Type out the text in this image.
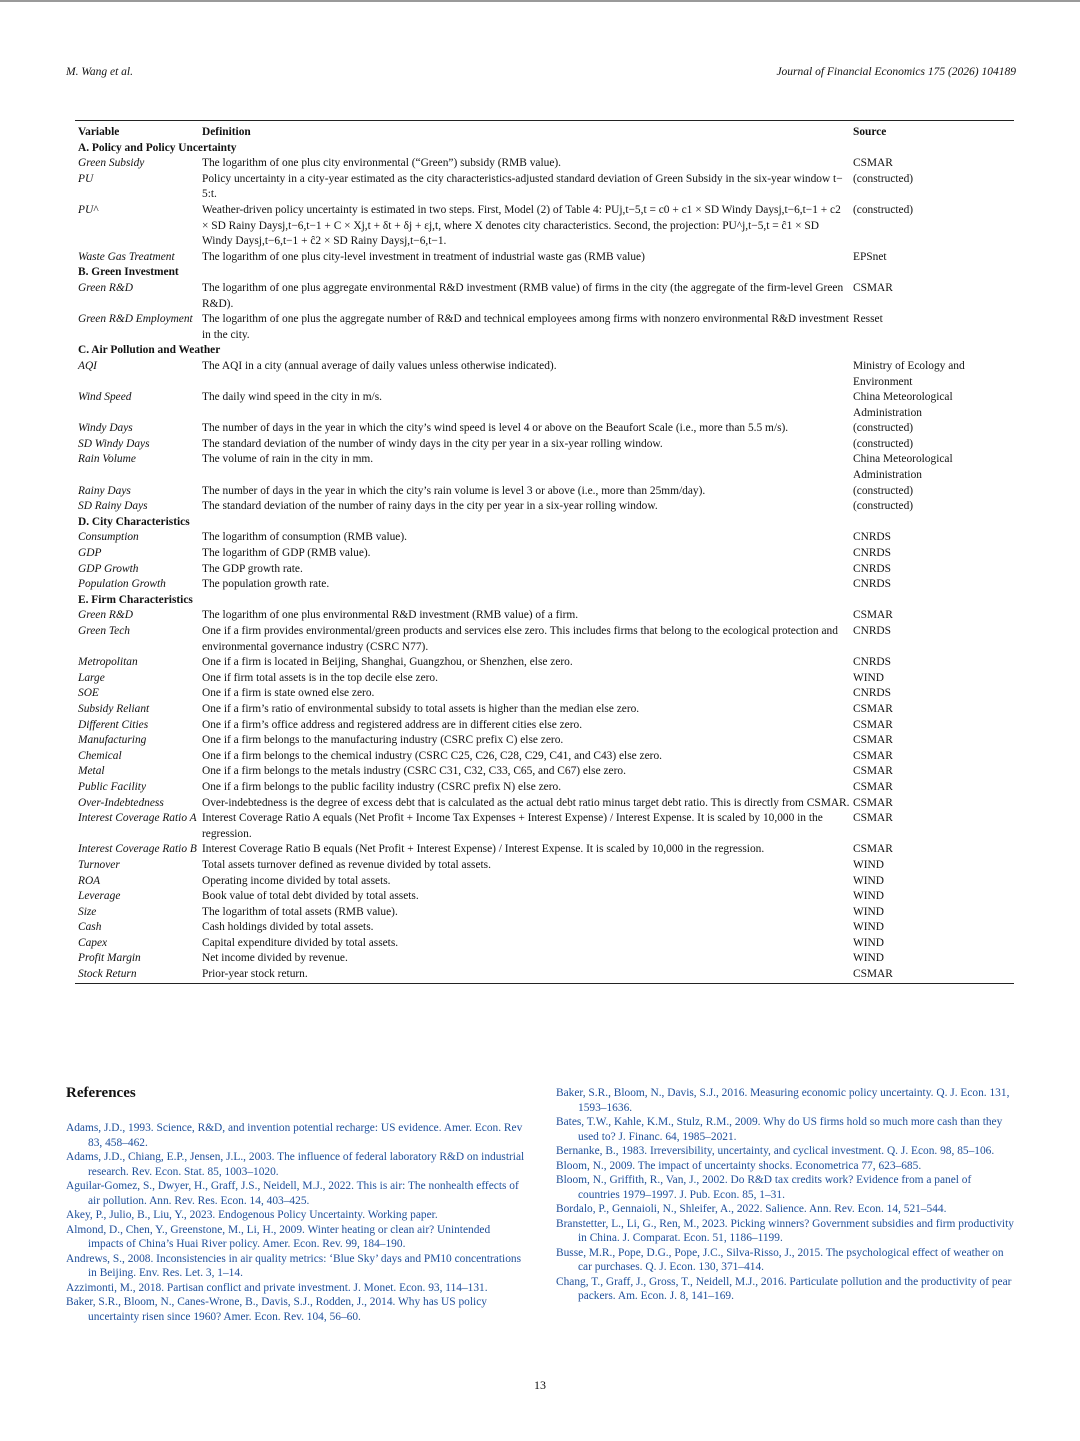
M. Wang et al.	Journal of Financial Economics 175 (2026) 104189
Variable	Definition	Source
A. Policy and Policy Uncertainty		
Green Subsidy	The logarithm of one plus city environmental (“Green”) subsidy (RMB value).	CSMAR
PU	Policy uncertainty in a city-year estimated as the city characteristics-adjusted standard deviation of Green Subsidy in the six-year window t− 5:t.	(constructed)
PU^	Weather-driven policy uncertainty is estimated in two steps. First, Model (2) of Table 4: PUj,t−5,t = c0 + c1 × SD Windy Daysj,t−6,t−1 + c2 × SD Rainy Daysj,t−6,t−1 + C × Xj,t + δt + δj + εj,t, where X denotes city characteristics. Second, the projection: PU^j,t−5,t = ĉ1 × SD Windy Daysj,t−6,t−1 + ĉ2 × SD Rainy Daysj,t−6,t−1.	(constructed)
Waste Gas Treatment	The logarithm of one plus city-level investment in treatment of industrial waste gas (RMB value)	EPSnet
B. Green Investment		
Green R&D	The logarithm of one plus aggregate environmental R&D investment (RMB value) of firms in the city (the aggregate of the firm-level Green R&D).	CSMAR
Green R&D Employment	The logarithm of one plus the aggregate number of R&D and technical employees among firms with nonzero environmental R&D investment in the city.	Resset
C. Air Pollution and Weather		
AQI	The AQI in a city (annual average of daily values unless otherwise indicated).	Ministry of Ecology and Environment
Wind Speed	The daily wind speed in the city in m/s.	China Meteorological Administration
Windy Days	The number of days in the year in which the city’s wind speed is level 4 or above on the Beaufort Scale (i.e., more than 5.5 m/s).	(constructed)
SD Windy Days	The standard deviation of the number of windy days in the city per year in a six-year rolling window.	(constructed)
Rain Volume	The volume of rain in the city in mm.	China Meteorological Administration
Rainy Days	The number of days in the year in which the city’s rain volume is level 3 or above (i.e., more than 25mm/day).	(constructed)
SD Rainy Days	The standard deviation of the number of rainy days in the city per year in a six-year rolling window.	(constructed)
D. City Characteristics		
Consumption	The logarithm of consumption (RMB value).	CNRDS
GDP	The logarithm of GDP (RMB value).	CNRDS
GDP Growth	The GDP growth rate.	CNRDS
Population Growth	The population growth rate.	CNRDS
E. Firm Characteristics		
Green R&D	The logarithm of one plus environmental R&D investment (RMB value) of a firm.	CSMAR
Green Tech	One if a firm provides environmental/green products and services else zero. This includes firms that belong to the ecological protection and environmental governance industry (CSRC N77).	CNRDS
Metropolitan	One if a firm is located in Beijing, Shanghai, Guangzhou, or Shenzhen, else zero.	CNRDS
Large	One if firm total assets is in the top decile else zero.	WIND
SOE	One if a firm is state owned else zero.	CNRDS
Subsidy Reliant	One if a firm’s ratio of environmental subsidy to total assets is higher than the median else zero.	CSMAR
Different Cities	One if a firm’s office address and registered address are in different cities else zero.	CSMAR
Manufacturing	One if a firm belongs to the manufacturing industry (CSRC prefix C) else zero.	CSMAR
Chemical	One if a firm belongs to the chemical industry (CSRC C25, C26, C28, C29, C41, and C43) else zero.	CSMAR
Metal	One if a firm belongs to the metals industry (CSRC C31, C32, C33, C65, and C67) else zero.	CSMAR
Public Facility	One if a firm belongs to the public facility industry (CSRC prefix N) else zero.	CSMAR
Over-Indebtedness	Over-indebtedness is the degree of excess debt that is calculated as the actual debt ratio minus target debt ratio. This is directly from CSMAR.	CSMAR
Interest Coverage Ratio A	Interest Coverage Ratio A equals (Net Profit + Income Tax Expenses + Interest Expense) / Interest Expense. It is scaled by 10,000 in the regression.	CSMAR
Interest Coverage Ratio B	Interest Coverage Ratio B equals (Net Profit + Interest Expense) / Interest Expense. It is scaled by 10,000 in the regression.	CSMAR
Turnover	Total assets turnover defined as revenue divided by total assets.	WIND
ROA	Operating income divided by total assets.	WIND
Leverage	Book value of total debt divided by total assets.	WIND
Size	The logarithm of total assets (RMB value).	WIND
Cash	Cash holdings divided by total assets.	WIND
Capex	Capital expenditure divided by total assets.	WIND
Profit Margin	Net income divided by revenue.	WIND
Stock Return	Prior-year stock return.	CSMAR
References
Adams, J.D., 1993. Science, R&D, and invention potential recharge: US evidence. Amer. Econ. Rev 83, 458–462.
Adams, J.D., Chiang, E.P., Jensen, J.L., 2003. The influence of federal laboratory R&D on industrial research. Rev. Econ. Stat. 85, 1003–1020.
Aguilar-Gomez, S., Dwyer, H., Graff, J.S., Neidell, M.J., 2022. This is air: The nonhealth effects of air pollution. Ann. Rev. Res. Econ. 14, 403–425.
Akey, P., Julio, B., Liu, Y., 2023. Endogenous Policy Uncertainty. Working paper.
Almond, D., Chen, Y., Greenstone, M., Li, H., 2009. Winter heating or clean air? Unintended impacts of China’s Huai River policy. Amer. Econ. Rev. 99, 184–190.
Andrews, S., 2008. Inconsistencies in air quality metrics: ‘Blue Sky’ days and PM10 concentrations in Beijing. Env. Res. Let. 3, 1–14.
Azzimonti, M., 2018. Partisan conflict and private investment. J. Monet. Econ. 93, 114–131.
Baker, S.R., Bloom, N., Canes-Wrone, B., Davis, S.J., Rodden, J., 2014. Why has US policy uncertainty risen since 1960? Amer. Econ. Rev. 104, 56–60.
Baker, S.R., Bloom, N., Davis, S.J., 2016. Measuring economic policy uncertainty. Q. J. Econ. 131, 1593–1636.
Bates, T.W., Kahle, K.M., Stulz, R.M., 2009. Why do US firms hold so much more cash than they used to? J. Financ. 64, 1985–2021.
Bernanke, B., 1983. Irreversibility, uncertainty, and cyclical investment. Q. J. Econ. 98, 85–106.
Bloom, N., 2009. The impact of uncertainty shocks. Econometrica 77, 623–685.
Bloom, N., Griffith, R., Van, J., 2002. Do R&D tax credits work? Evidence from a panel of countries 1979–1997. J. Pub. Econ. 85, 1–31.
Bordalo, P., Gennaioli, N., Shleifer, A., 2022. Salience. Ann. Rev. Econ. 14, 521–544.
Branstetter, L., Li, G., Ren, M., 2023. Picking winners? Government subsidies and firm productivity in China. J. Comparat. Econ. 51, 1186–1199.
Busse, M.R., Pope, D.G., Pope, J.C., Silva-Risso, J., 2015. The psychological effect of weather on car purchases. Q. J. Econ. 130, 371–414.
Chang, T., Graff, J., Gross, T., Neidell, M.J., 2016. Particulate pollution and the productivity of pear packers. Am. Econ. J. 8, 141–169.
13
